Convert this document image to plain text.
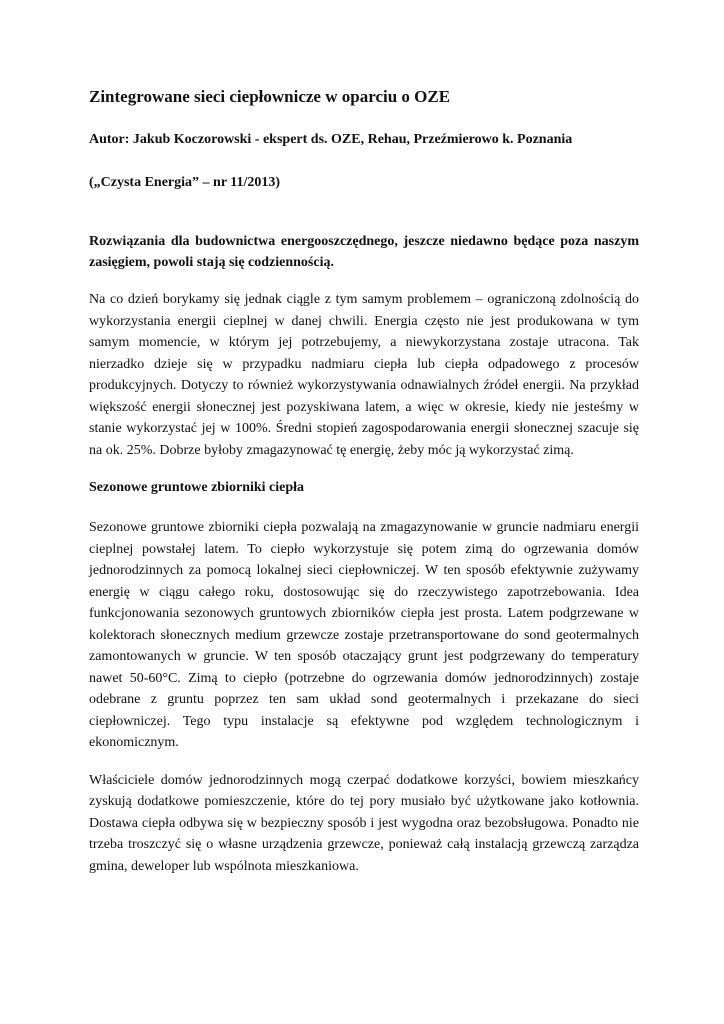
Zintegrowane sieci ciepłownicze w oparciu o OZE

Autor: Jakub Koczorowski - ekspert ds. OZE, Rehau, Przeźmierowo k. Poznania

(„Czysta Energia” – nr 11/2013)

Rozwiązania dla budownictwa energooszczędnego, jeszcze niedawno będące poza naszym zasięgiem, powoli stają się codziennością.

Na co dzień borykamy się jednak ciągle z tym samym problemem – ograniczoną zdolnością do wykorzystania energii cieplnej w danej chwili. Energia często nie jest produkowana w tym samym momencie, w którym jej potrzebujemy, a niewykorzystana zostaje utracona. Tak nierzadko dzieje się w przypadku nadmiaru ciepła lub ciepła odpadowego z procesów produkcyjnych. Dotyczy to również wykorzystywania odnawialnych źródeł energii. Na przykład większość energii słonecznej jest pozyskiwana latem, a więc w okresie, kiedy nie jesteśmy w stanie wykorzystać jej w 100%. Średni stopień zagospodarowania energii słonecznej szacuje się na ok. 25%. Dobrze byłoby zmagazynować tę energię, żeby móc ją wykorzystać zimą.

Sezonowe gruntowe zbiorniki ciepła

Sezonowe gruntowe zbiorniki ciepła pozwalają na zmagazynowanie w gruncie nadmiaru energii cieplnej powstałej latem. To ciepło wykorzystuje się potem zimą do ogrzewania domów jednorodzinnych za pomocą lokalnej sieci ciepłowniczej. W ten sposób efektywnie zużywamy energię w ciągu całego roku, dostosowując się do rzeczywistego zapotrzebowania. Idea funkcjonowania sezonowych gruntowych zbiorników ciepła jest prosta. Latem podgrzewane w kolektorach słonecznych medium grzewcze zostaje przetransportowane do sond geotermalnych zamontowanych w gruncie. W ten sposób otaczający grunt jest podgrzewany do temperatury nawet 50-60°C. Zimą to ciepło (potrzebne do ogrzewania domów jednorodzinnych) zostaje odebrane z gruntu poprzez ten sam układ sond geotermalnych i przekazane do sieci ciepłowniczej. Tego typu instalacje są efektywne pod względem technologicznym i ekonomicznym.

Właściciele domów jednorodzinnych mogą czerpać dodatkowe korzyści, bowiem mieszkańcy zyskują dodatkowe pomieszczenie, które do tej pory musiało być użytkowane jako kotłownia. Dostawa ciepła odbywa się w bezpieczny sposób i jest wygodna oraz bezobsługowa. Ponadto nie trzeba troszczyć się o własne urządzenia grzewcze, ponieważ całą instalacją grzewczą zarządza gmina, deweloper lub wspólnota mieszkaniowa.
